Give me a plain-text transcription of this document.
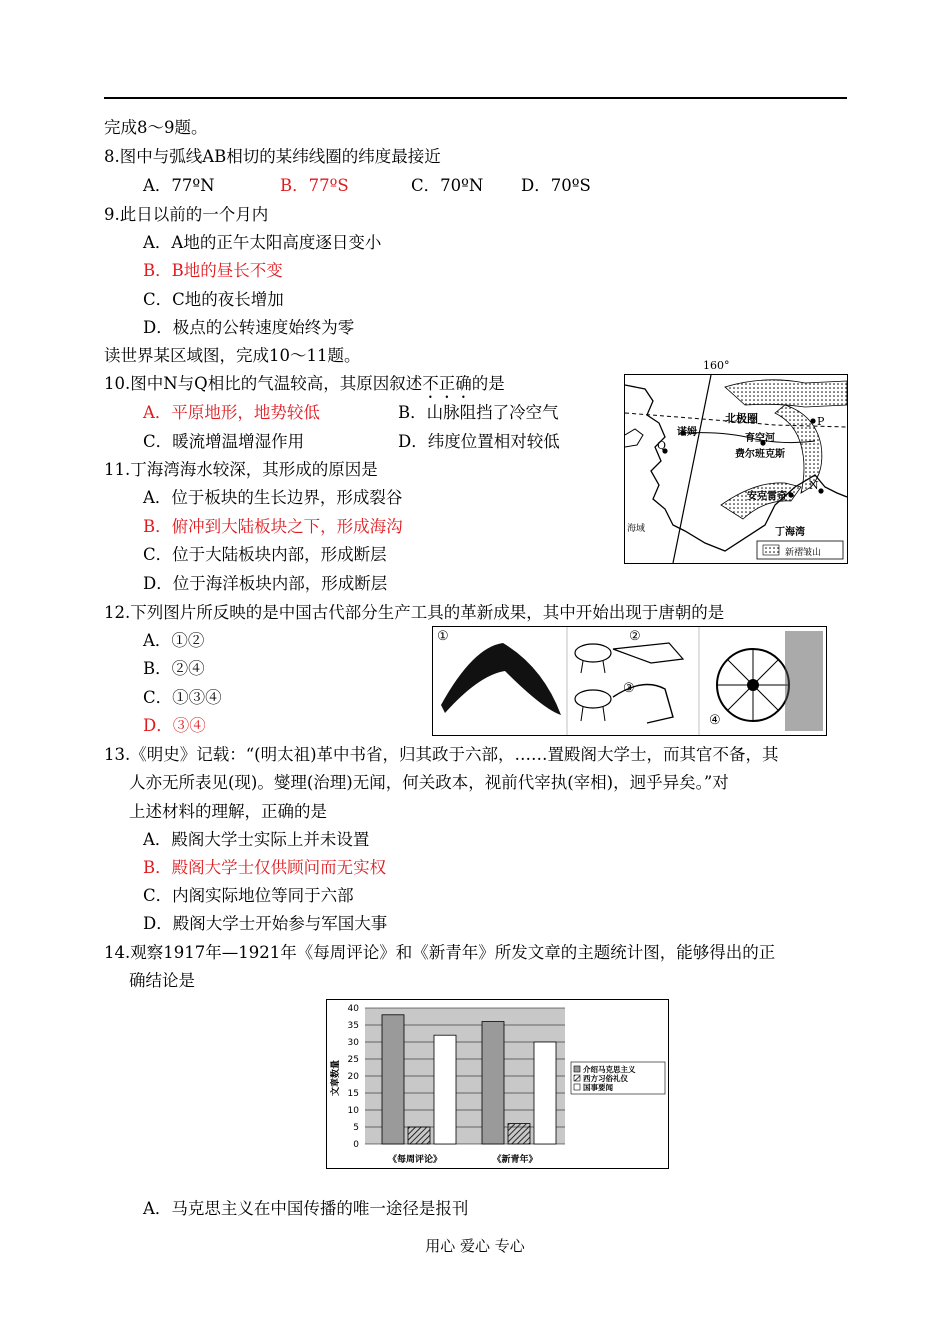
完成8～9题。
8.图中与弧线AB相切的某纬线圈的纬度最接近
A．77ºN	B．77ºS	C．70ºN D．70ºS
9.此日以前的一个月内
A．A地的正午太阳高度逐日变小
B．B地的昼长不变
C．C地的夜长增加
D．极点的公转速度始终为零
读世界某区域图，完成10～11题。
10.图中N与Q相比的气温较高，其原因叙述不正确的是
A．平原地形，地势较低	B．山脉阻挡了冷空气
C．暖流增温增湿作用	D．纬度位置相对较低
11.丁海湾海水较深，其形成的原因是
A．位于板块的生长边界，形成裂谷
B．俯冲到大陆板块之下，形成海沟
C．位于大陆板块内部，形成断层
D．位于海洋板块内部，形成断层
160°
北极圈
诺姆
育空河
费尔班克斯
安克雷奇
丁海湾
P
Q
N
海域
新褶皱山
12.下列图片所反映的是中国古代部分生产工具的革新成果，其中开始出现于唐朝的是
A．①②
B．②④
C．①③④
D．③④
①	②
③
④
13.《明史》记载：“(明太祖)革中书省，归其政于六部，……置殿阁大学士，而其官不备，其
人亦无所表见(现)。燮理(治理)无闻，何关政本，视前代宰执(宰相)，迥乎异矣。”对
上述材料的理解，正确的是
A．殿阁大学士实际上并未设置
B．殿阁大学士仅供顾问而无实权
C．内阁实际地位等同于六部
D．殿阁大学士开始参与军国大事
14.观察1917年—1921年《每周评论》和《新青年》所发文章的主题统计图，能够得出的正
确结论是
0
5
10
15
20
25
30
35
40
《每周评论》	《新青年》
介绍马克思主义
西方习俗礼仪
国事要闻
文章数量
A．马克思主义在中国传播的唯一途径是报刊
用心 爱心 专心
